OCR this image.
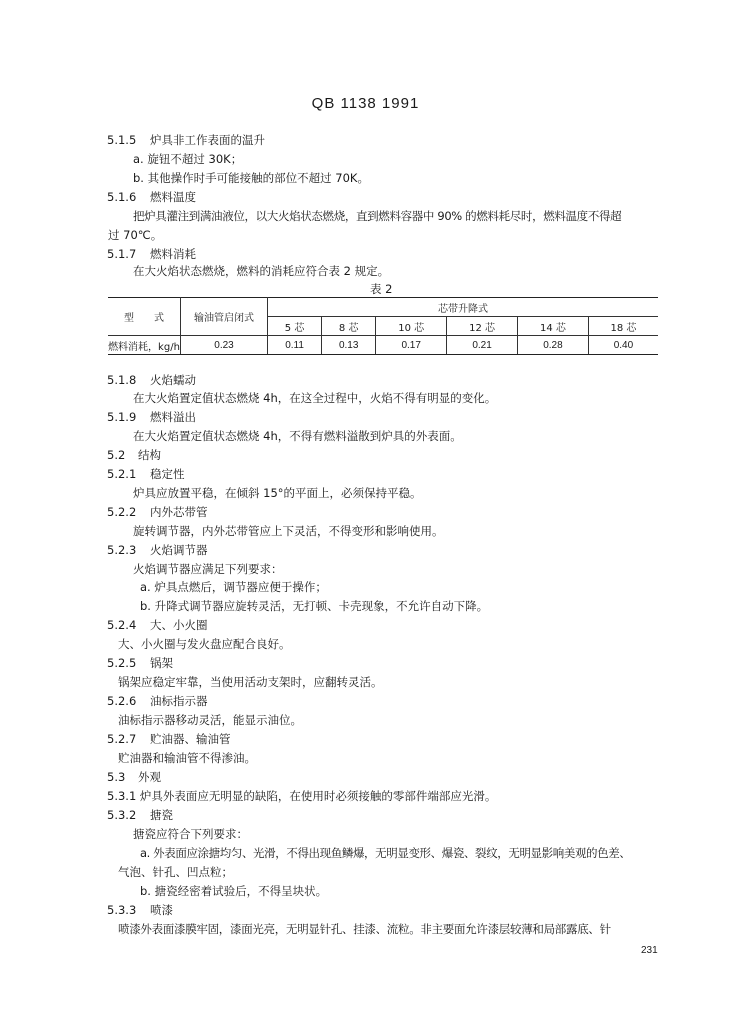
QB 1138 1991
5.1.5 炉具非工作表面的温升
a. 旋钮不超过 30K；
b. 其他操作时手可能接触的部位不超过 70K。
5.1.6 燃料温度
把炉具灌注到满油液位，以大火焰状态燃烧，直到燃料容器中 90% 的燃料耗尽时，燃料温度不得超
过 70℃。
5.1.7 燃料消耗
在大火焰状态燃烧，燃料的消耗应符合表 2 规定。
表 2
型　　式	输油管启闭式	芯带升降式					
		5 芯	8 芯	10 芯	12 芯	14 芯	18 芯
燃料消耗，kg/h	0.23	0.11	0.13	0.17	0.21	0.28	0.40
5.1.8 火焰蠕动
在大火焰置定值状态燃烧 4h，在这全过程中，火焰不得有明显的变化。
5.1.9 燃料溢出
在大火焰置定值状态燃烧 4h，不得有燃料溢散到炉具的外表面。
5.2 结构
5.2.1 稳定性
炉具应放置平稳，在倾斜 15°的平面上，必须保持平稳。
5.2.2 内外芯带管
旋转调节器，内外芯带管应上下灵活，不得变形和影响使用。
5.2.3 火焰调节器
火焰调节器应满足下列要求：
a. 炉具点燃后，调节器应便于操作；
b. 升降式调节器应旋转灵活，无打顿、卡壳现象，不允许自动下降。
5.2.4 大、小火圈
大、小火圈与发火盘应配合良好。
5.2.5 锅架
锅架应稳定牢靠，当使用活动支架时，应翻转灵活。
5.2.6 油标指示器
油标指示器移动灵活，能显示油位。
5.2.7 贮油器、输油管
贮油器和输油管不得渗油。
5.3 外观
5.3.1 炉具外表面应无明显的缺陷，在使用时必须接触的零部件端部应光滑。
5.3.2 搪瓷
搪瓷应符合下列要求：
a. 外表面应涂搪均匀、光滑，不得出现鱼鳞爆，无明显变形、爆瓷、裂纹，无明显影响美观的色差、
气泡、针孔、凹点粒；
b. 搪瓷经密着试验后，不得呈块状。
5.3.3 喷漆
喷漆外表面漆膜牢固，漆面光亮，无明显针孔、挂漆、流粒。非主要面允许漆层较薄和局部露底、针
231
